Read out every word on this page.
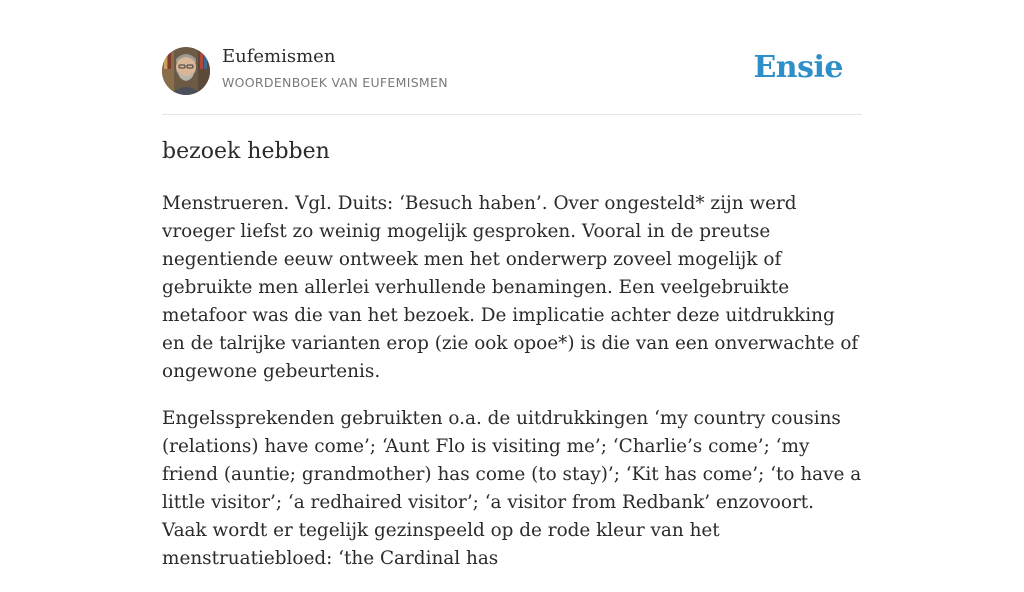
Eufemismen
WOORDENBOEK VAN EUFEMISMEN	Ensie
bezoek hebben

Menstrueren. Vgl. Duits: ‘Besuch haben’. Over ongesteld* zijn werd vroeger liefst zo weinig mogelijk gesproken. Vooral in de preutse negentiende eeuw ontweek men het onderwerp zoveel mogelijk of gebruikte men allerlei verhullende benamingen. Een veelgebruikte metafoor was die van het bezoek. De implicatie achter deze uitdrukking en de talrijke varianten erop (zie ook opoe*) is die van een onverwachte of ongewone gebeurtenis.

Engelssprekenden gebruikten o.a. de uitdrukkingen ‘my country cousins (relations) have come’; ‘Aunt Flo is visiting me’; ‘Charlie’s come’; ‘my friend (auntie; grandmother) has come (to stay)’; ‘Kit has come’; ‘to have a little visitor’; ‘a redhaired visitor’; ‘a visitor from Redbank’ enzovoort. Vaak wordt er tegelijk gezinspeeld op de rode kleur van het menstruatiebloed: ‘the Cardinal has
